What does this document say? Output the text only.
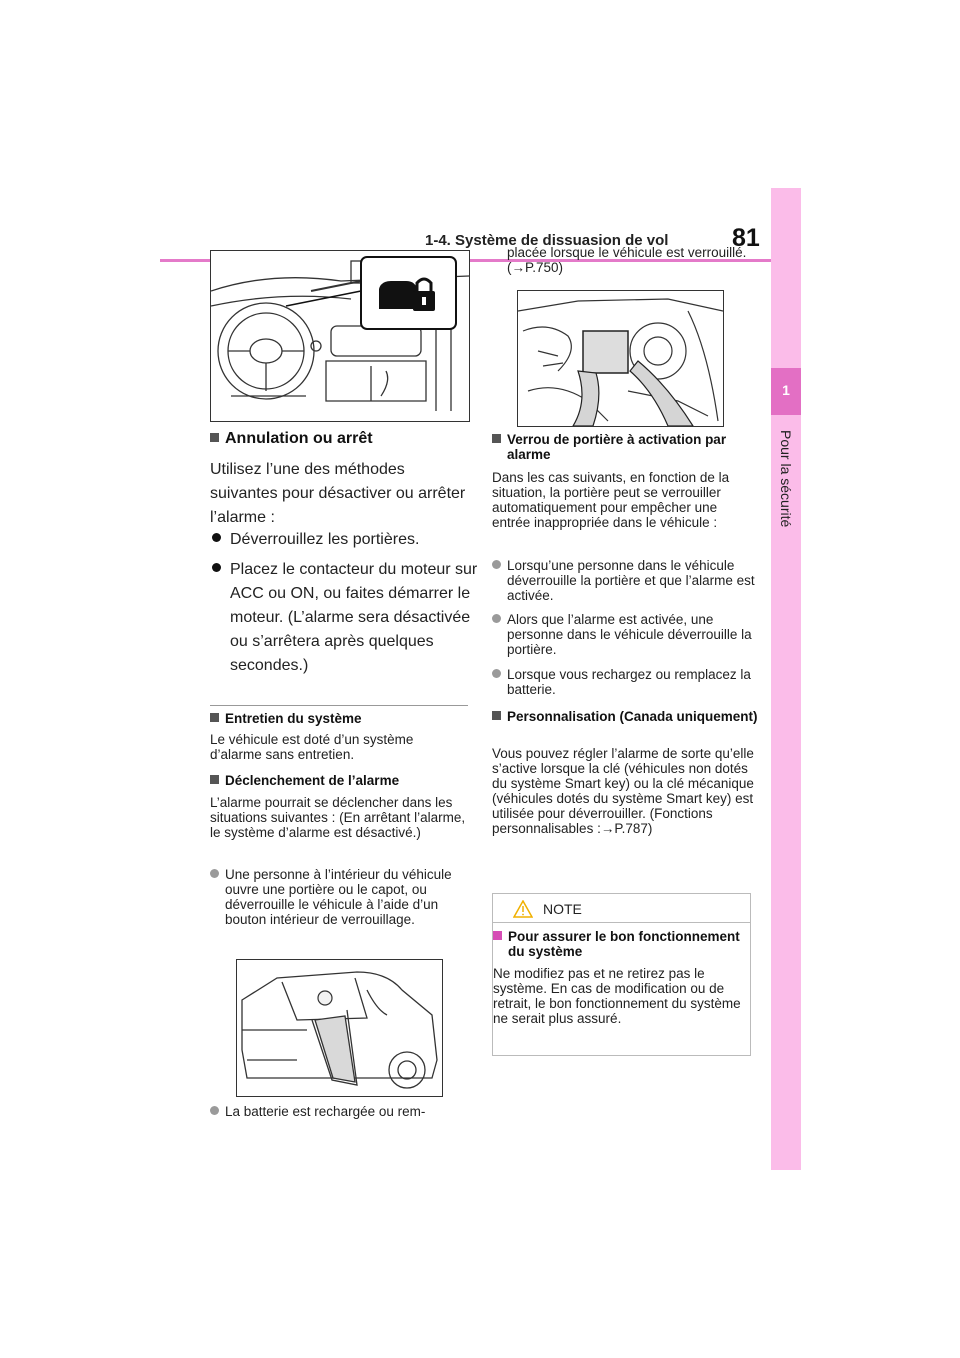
1-4. Système de dissuasion de vol	81
1
Pour la sécurité
Annulation ou arrêt
Utilisez l’une des méthodes suivantes pour désactiver ou arrêter l’alarme :
Déverrouillez les portières.
Placez le contacteur du moteur sur ACC ou ON, ou faites démarrer le moteur. (L’alarme sera désactivée ou s’arrêtera après quelques secondes.)
Entretien du système
Le véhicule est doté d’un système d’alarme sans entretien.
Déclenchement de l’alarme
L’alarme pourrait se déclencher dans les situations suivantes : (En arrêtant l’alarme, le système d’alarme est désactivé.)
Une personne à l’intérieur du véhicule ouvre une portière ou le capot, ou déverrouille le véhicule à l’aide d’un bouton intérieur de verrouillage.
La batterie est rechargée ou rem-
placée lorsque le véhicule est verrouillé. (→P.750)
Verrou de portière à activation par alarme
Dans les cas suivants, en fonction de la situation, la portière peut se verrouiller automatiquement pour empêcher une entrée inappropriée dans le véhicule :
Lorsqu’une personne dans le véhicule déverrouille la portière et que l’alarme est activée.
Alors que l’alarme est activée, une personne dans le véhicule déverrouille la portière.
Lorsque vous rechargez ou remplacez la batterie.
Personnalisation (Canada uniquement)
Vous pouvez régler l’alarme de sorte qu’elle s’active lorsque la clé (véhicules non dotés du système Smart key) ou la clé mécanique (véhicules dotés du système Smart key) est utilisée pour déverrouiller. (Fonctions personnalisables :→P.787)
NOTE
Pour assurer le bon fonctionnement du système
Ne modifiez pas et ne retirez pas le système. En cas de modification ou de retrait, le bon fonctionnement du système ne serait plus assuré.
